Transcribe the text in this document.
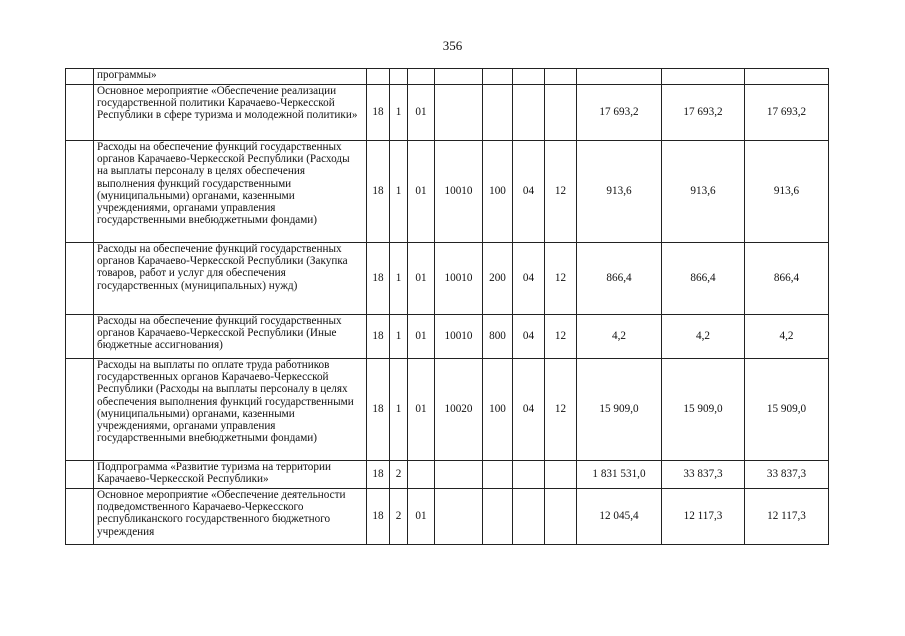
356
	программы»										
	Основное мероприятие «Обеспечение реализации государственной политики Карачаево-Черкесской Республики в сфере туризма и молодежной политики»	18	1	01					17 693,2	17 693,2	17 693,2
	Расходы на обеспечение функций государственных органов Карачаево-Черкесской Республики (Расходы на выплаты персоналу в целях обеспечения выполнения функций государственными (муниципальными) органами, казенными учреждениями, органами управления государственными внебюджетными фондами)	18	1	01	10010	100	04	12	913,6	913,6	913,6
	Расходы на обеспечение функций государственных органов Карачаево-Черкесской Республики (Закупка товаров, работ и услуг для обеспечения государственных (муниципальных) нужд)	18	1	01	10010	200	04	12	866,4	866,4	866,4
	Расходы на обеспечение функций государственных органов Карачаево-Черкесской Республики (Иные бюджетные ассигнования)	18	1	01	10010	800	04	12	4,2	4,2	4,2
	Расходы на выплаты по оплате труда работников государственных органов Карачаево-Черкесской Республики (Расходы на выплаты персоналу в целях обеспечения выполнения функций государственными (муниципальными) органами, казенными учреждениями, органами управления государственными внебюджетными фондами)	18	1	01	10020	100	04	12	15 909,0	15 909,0	15 909,0
	Подпрограмма «Развитие туризма на территории Карачаево-Черкесской Республики»	18	2						1 831 531,0	33 837,3	33 837,3
	Основное мероприятие «Обеспечение деятельности подведомственного Карачаево-Черкесского республиканского государственного бюджетного учреждения	18	2	01					12 045,4	12 117,3	12 117,3
